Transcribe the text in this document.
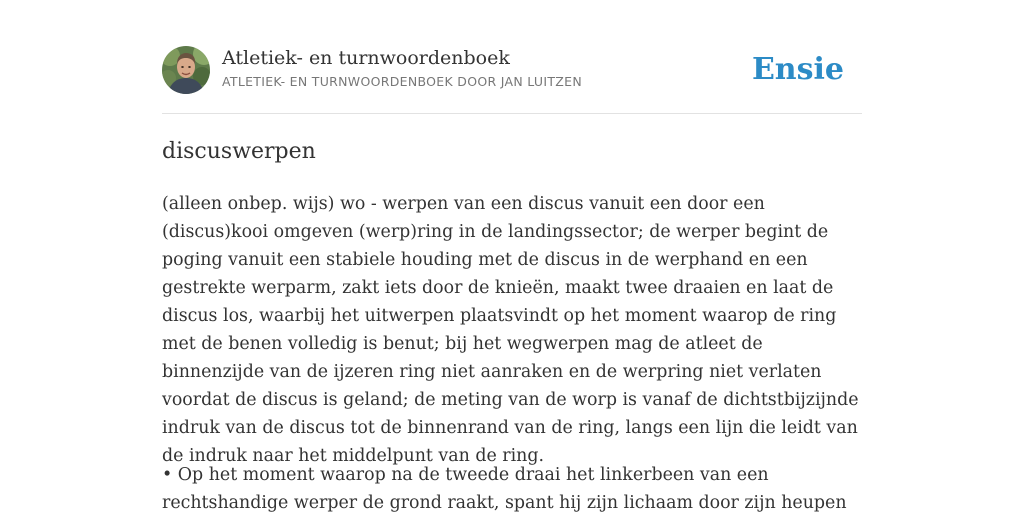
Atletiek- en turnwoordenboek
ATLETIEK- EN TURNWOORDENBOEK DOOR JAN LUITZEN	Ensie
discuswerpen

(alleen onbep. wijs) wo - werpen van een discus vanuit een door een (discus)kooi omgeven (werp)ring in de landingssector; de werper begint de poging vanuit een stabiele houding met de discus in de werphand en een gestrekte werparm, zakt iets door de knieën, maakt twee draaien en laat de discus los, waarbij het uitwerpen plaatsvindt op het moment waarop de ring met de benen volledig is benut; bij het wegwerpen mag de atleet de binnenzijde van de ijzeren ring niet aanraken en de werpring niet verlaten voordat de discus is geland; de meting van de worp is vanaf de dichtstbijzijnde indruk van de discus tot de binnenrand van de ring, langs een lijn die leidt van de indruk naar het middelpunt van de ring.

• Op het moment waarop na de tweede draai het linkerbeen van een rechtshandige werper de grond raakt, spant hij zijn lichaam door zijn heupen
